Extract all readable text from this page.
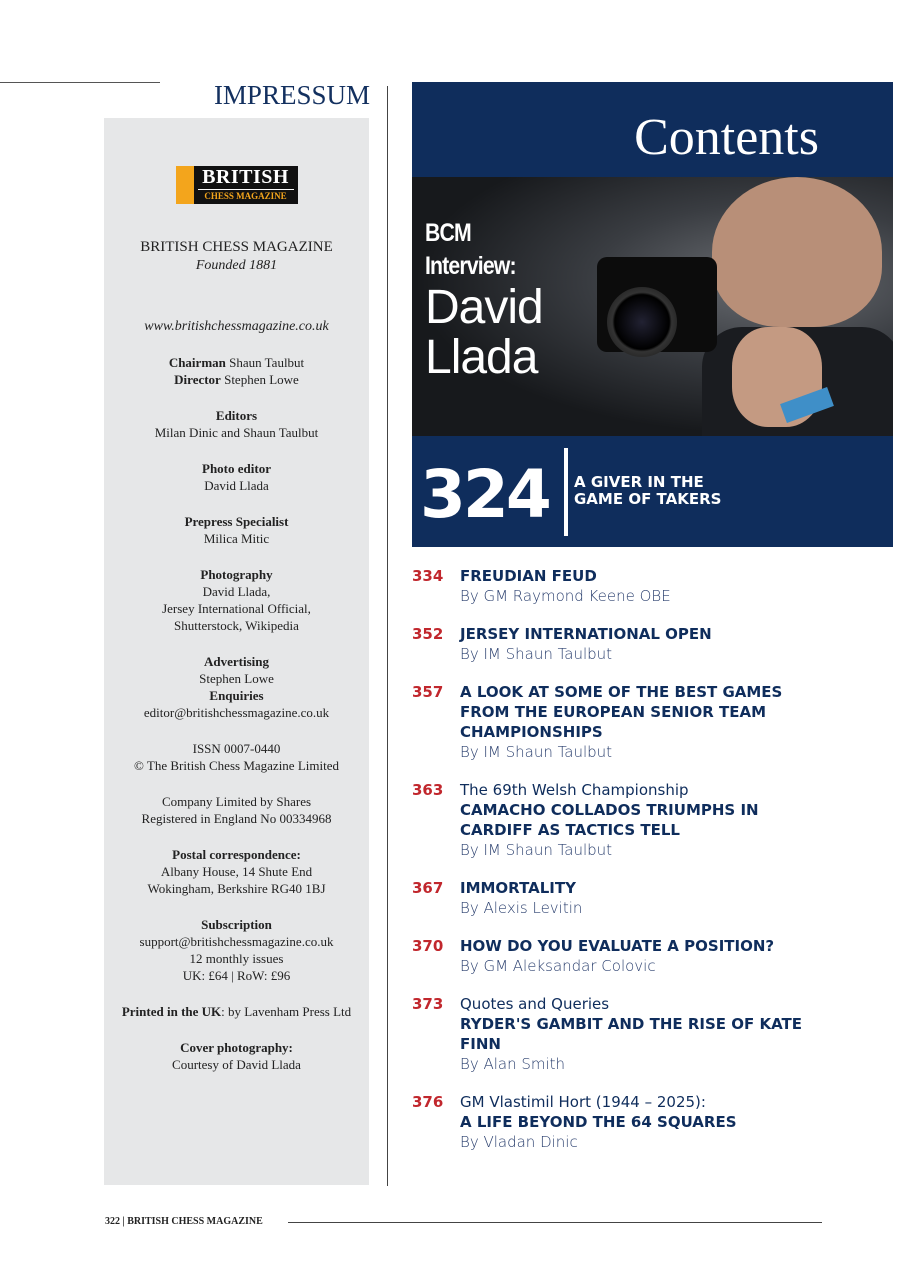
IMPRESSUM
BRITISH
CHESS MAGAZINE
BRITISH CHESS MAGAZINE
Founded 1881
www.britishchessmagazine.co.uk
Chairman Shaun Taulbut
Director Stephen Lowe
Editors
Milan Dinic and Shaun Taulbut
Photo editor
David Llada
Prepress Specialist
Milica Mitic
Photography
David Llada,
Jersey International Official,
Shutterstock, Wikipedia
Advertising
Stephen Lowe
Enquiries
editor@britishchessmagazine.co.uk
ISSN 0007-0440
© The British Chess Magazine Limited
Company Limited by Shares
Registered in England No 00334968
Postal correspondence:
Albany House, 14 Shute End
Wokingham, Berkshire RG40 1BJ
Subscription
support@britishchessmagazine.co.uk
12 monthly issues
UK: £64 | RoW: £96
Printed in the UK: by Lavenham Press Ltd
Cover photography:
Courtesy of David Llada
Contents
BCM
Interview:
David
Llada
324 A GIVER IN THE
GAME OF TAKERS
334	FREUDIAN FEUD
By GM Raymond Keene OBE
352	JERSEY INTERNATIONAL OPEN
By IM Shaun Taulbut
357	A LOOK AT SOME OF THE BEST GAMES FROM THE EUROPEAN SENIOR TEAM CHAMPIONSHIPS
By IM Shaun Taulbut
363	The 69th Welsh Championship
CAMACHO COLLADOS TRIUMPHS IN CARDIFF AS TACTICS TELL
By IM Shaun Taulbut
367	IMMORTALITY
By Alexis Levitin
370	HOW DO YOU EVALUATE A POSITION?
By GM Aleksandar Colovic
373	Quotes and Queries
RYDER'S GAMBIT AND THE RISE OF KATE FINN
By Alan Smith
376	GM Vlastimil Hort (1944 – 2025):
A LIFE BEYOND THE 64 SQUARES
By Vladan Dinic
322 | BRITISH CHESS MAGAZINE
